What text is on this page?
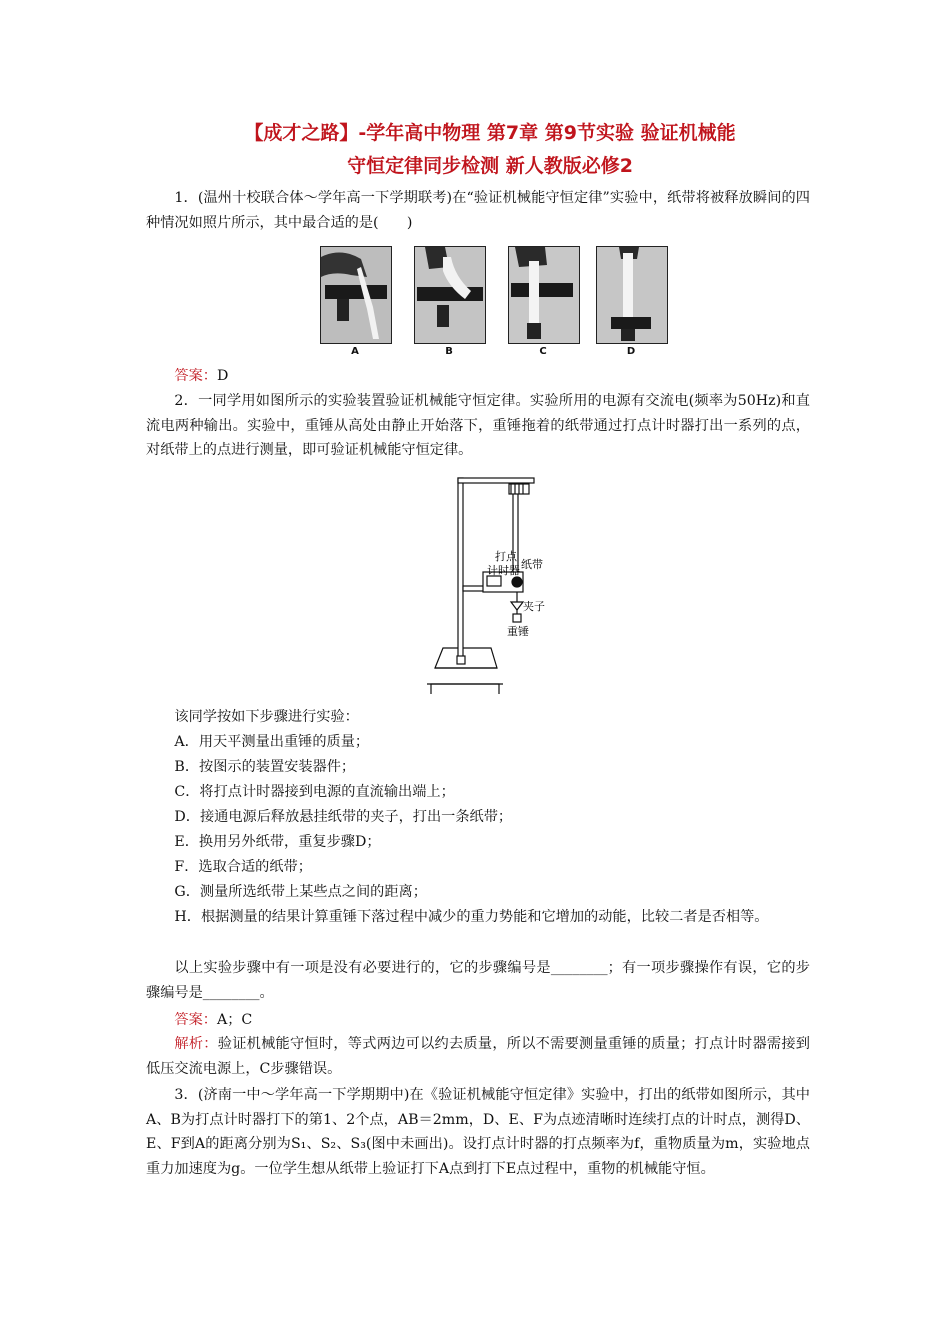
【成才之路】-学年高中物理 第7章 第9节实验 验证机械能
守恒定律同步检测 新人教版必修2
1．(温州十校联合体～学年高一下学期联考)在“验证机械能守恒定律”实验中，纸带将被释放瞬间的四种情况如照片所示，其中最合适的是(　　)
A	B	C	D
答案：D
2．一同学用如图所示的实验装置验证机械能守恒定律。实验所用的电源有交流电(频率为50Hz)和直流电两种输出。实验中，重锤从高处由静止开始落下，重锤拖着的纸带通过打点计时器打出一系列的点，对纸带上的点进行测量，即可验证机械能守恒定律。
打点
计时器 纸带
夹子
重锤
该同学按如下步骤进行实验：
A．用天平测量出重锤的质量；
B．按图示的装置安装器件；
C．将打点计时器接到电源的直流输出端上；
D．接通电源后释放悬挂纸带的夹子，打出一条纸带；
E．换用另外纸带，重复步骤D；
F．选取合适的纸带；
G．测量所选纸带上某些点之间的距离；
H．根据测量的结果计算重锤下落过程中减少的重力势能和它增加的动能，比较二者是否相等。
以上实验步骤中有一项是没有必要进行的，它的步骤编号是________；有一项步骤操作有误，它的步骤编号是________。
答案：A；C
解析：验证机械能守恒时，等式两边可以约去质量，所以不需要测量重锤的质量；打点计时器需接到低压交流电源上，C步骤错误。
3．(济南一中～学年高一下学期期中)在《验证机械能守恒定律》实验中，打出的纸带如图所示，其中A、B为打点计时器打下的第1、2个点，AB＝2mm，D、E、F为点迹清晰时连续打点的计时点，测得D、E、F到A的距离分别为S₁、S₂、S₃(图中未画出)。设打点计时器的打点频率为f，重物质量为m，实验地点重力加速度为g。一位学生想从纸带上验证打下A点到打下E点过程中，重物的机械能守恒。
